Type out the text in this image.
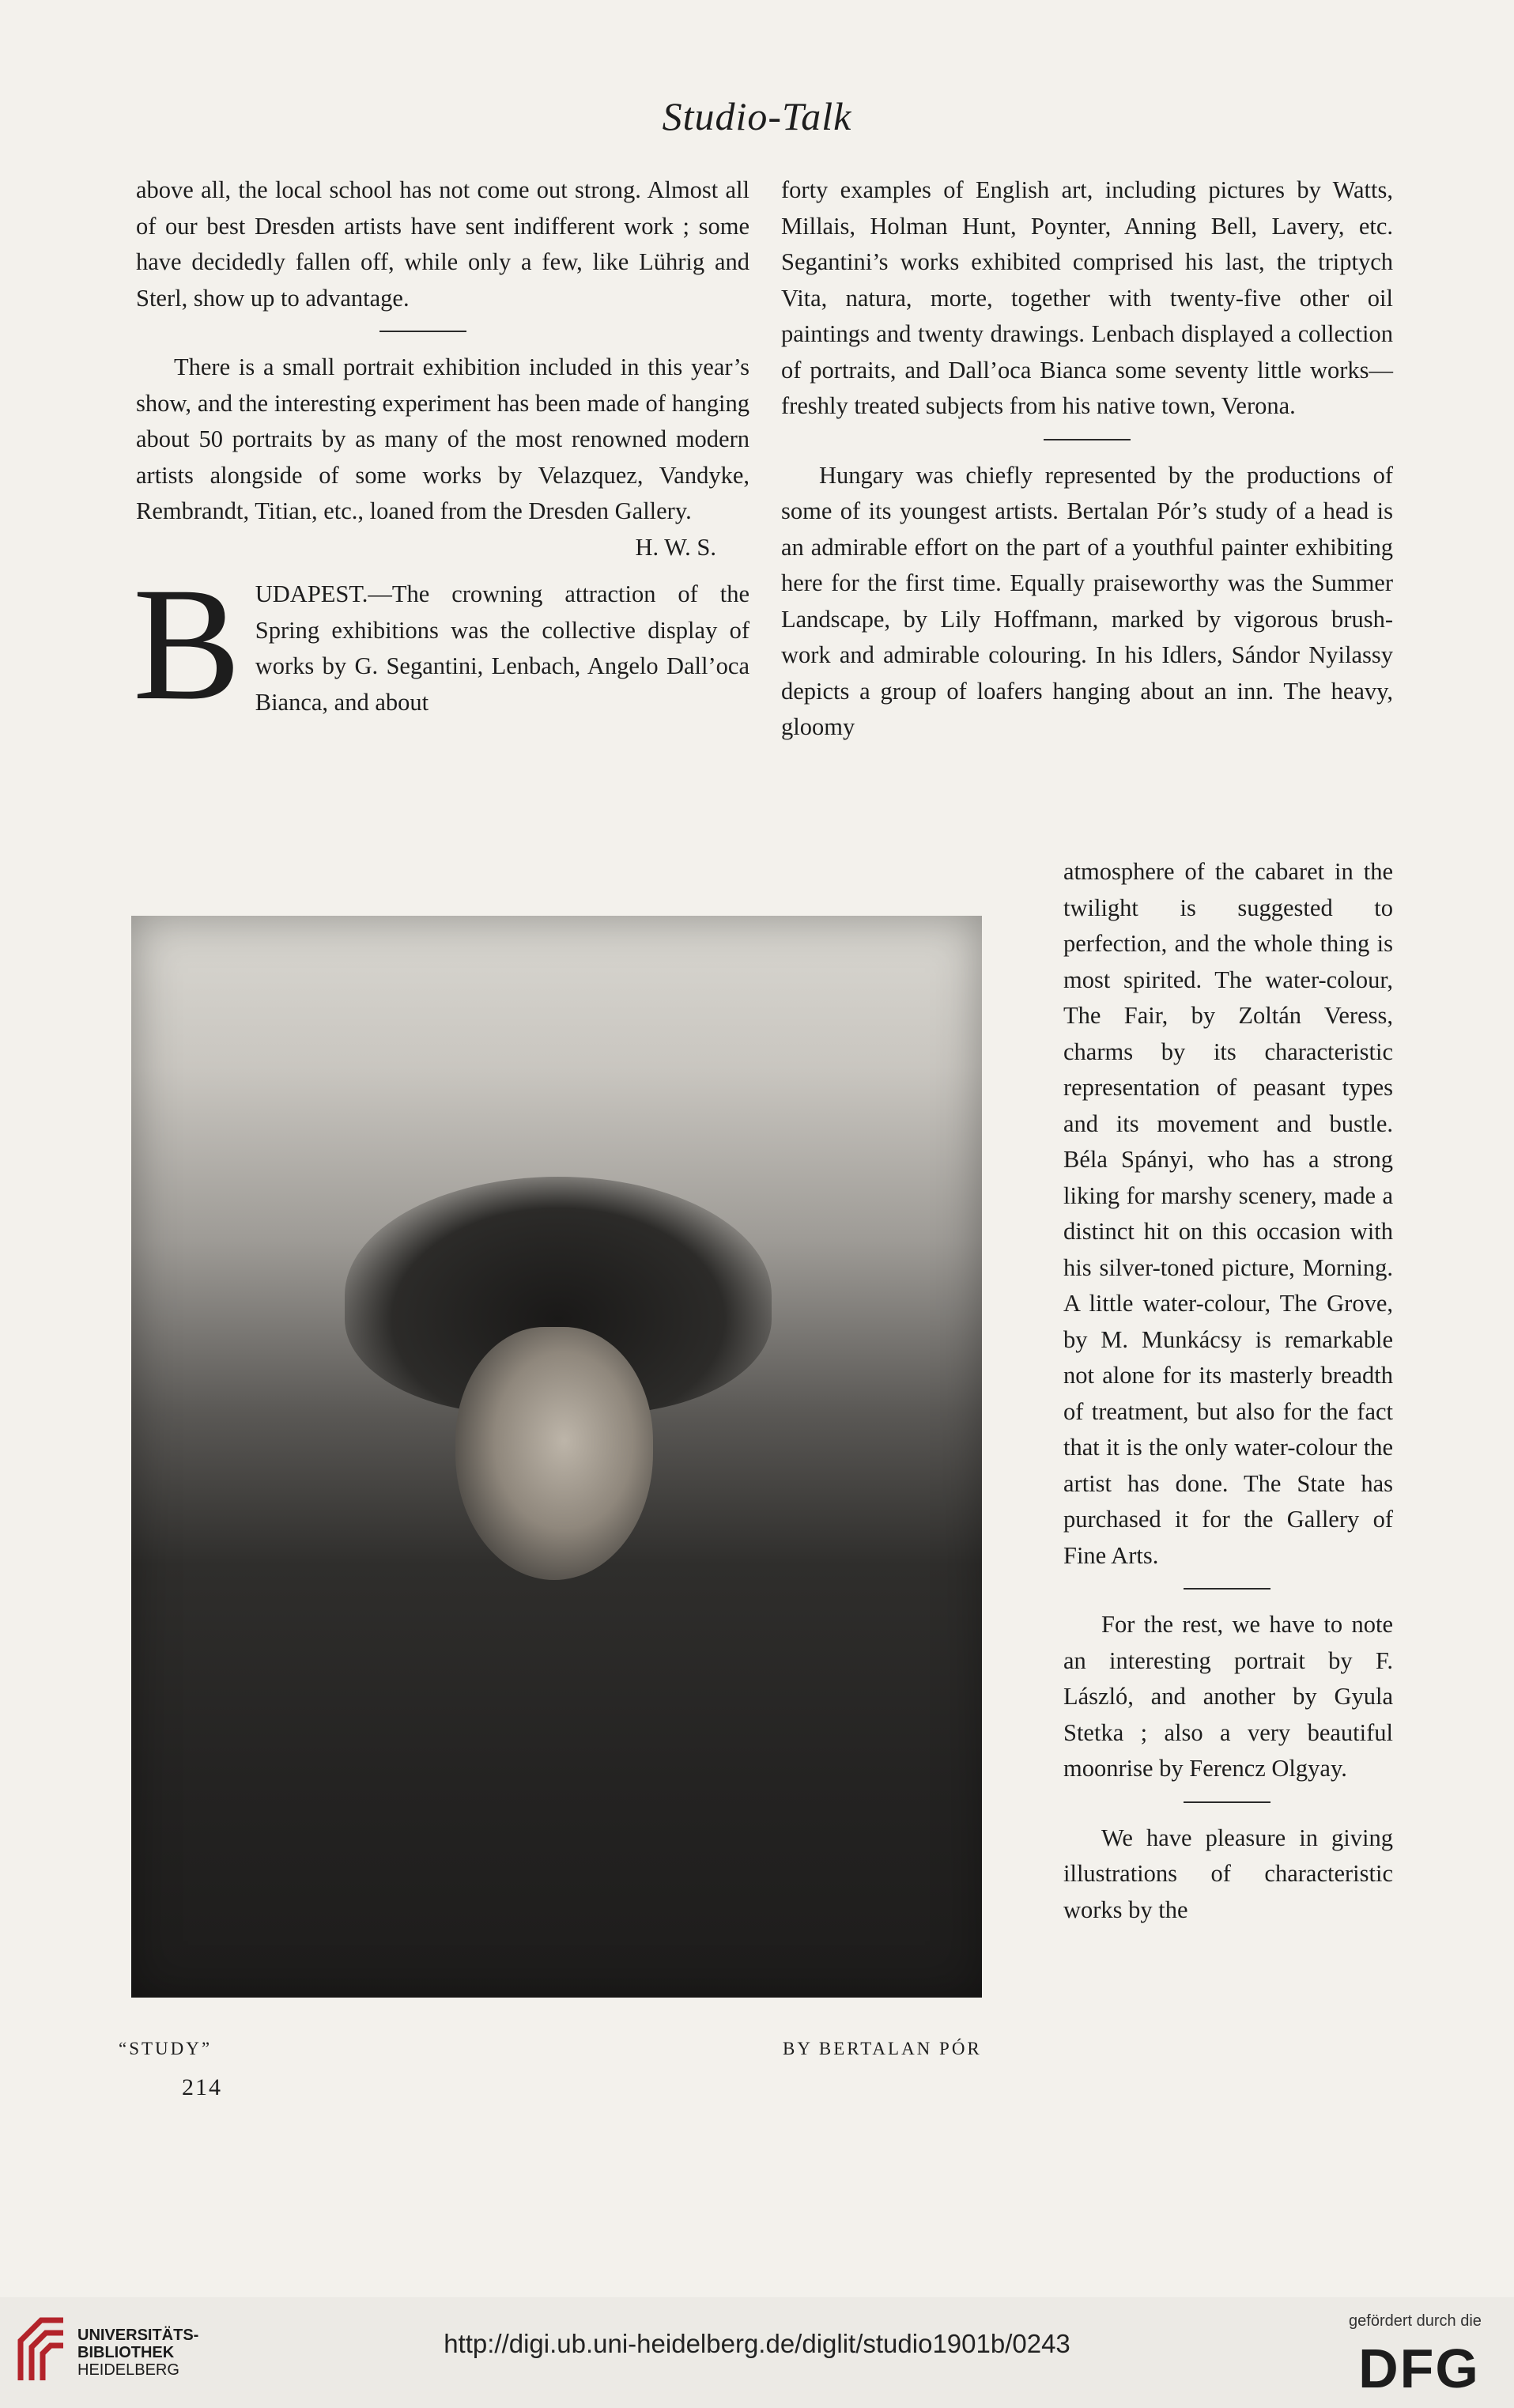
Studio-Talk

above all, the local school has not come out strong. Almost all of our best Dresden artists have sent indifferent work ; some have decidedly fallen off, while only a few, like Lührig and Sterl, show up to advantage.

There is a small portrait exhibition included in this year’s show, and the interesting experiment has been made of hanging about 50 portraits by as many of the most renowned modern artists alongside of some works by Velazquez, Vandyke, Rembrandt, Titian, etc., loaned from the Dresden Gallery.

H. W. S.
B UDAPEST.—The crowning attraction of the Spring exhibitions was the collective display of works by G. Segantini, Lenbach, Angelo Dall’oca Bianca, and about

forty examples of English art, including pictures by Watts, Millais, Holman Hunt, Poynter, Anning Bell, Lavery, etc. Segantini’s works exhibited comprised his last, the triptych Vita, natura, morte, together with twenty-five other oil paintings and twenty drawings. Lenbach displayed a collection of portraits, and Dall’oca Bianca some seventy little works—freshly treated subjects from his native town, Verona.

Hungary was chiefly represented by the productions of some of its youngest artists. Bertalan Pór’s study of a head is an admirable effort on the part of a youthful painter exhibiting here for the first time. Equally praiseworthy was the Summer Landscape, by Lily Hoffmann, marked by vigorous brush-work and admirable colouring. In his Idlers, Sándor Nyilassy depicts a group of loafers hanging about an inn. The heavy, gloomy

atmosphere of the cabaret in the twilight is suggested to perfection, and the whole thing is most spirited. The water-colour, The Fair, by Zoltán Veress, charms by its characteristic representation of peasant types and its movement and bustle. Béla Spányi, who has a strong liking for marshy scenery, made a distinct hit on this occasion with his silver-toned picture, Morning. A little water-colour, The Grove, by M. Munkácsy is remarkable not alone for its masterly breadth of treatment, but also for the fact that it is the only water-colour the artist has done. The State has purchased it for the Gallery of Fine Arts.

For the rest, we have to note an interesting portrait by F. László, and another by Gyula Stetka ; also a very beautiful moonrise by Ferencz Olgyay.

We have pleasure in giving illustrations of characteristic works by the

“STUDY”	BY BERTALAN PÓR
214
UNIVERSITÄTS-
BIBLIOTHEK
HEIDELBERG
http://digi.ub.uni-heidelberg.de/diglit/studio1901b/0243
gefördert durch die
DFG
